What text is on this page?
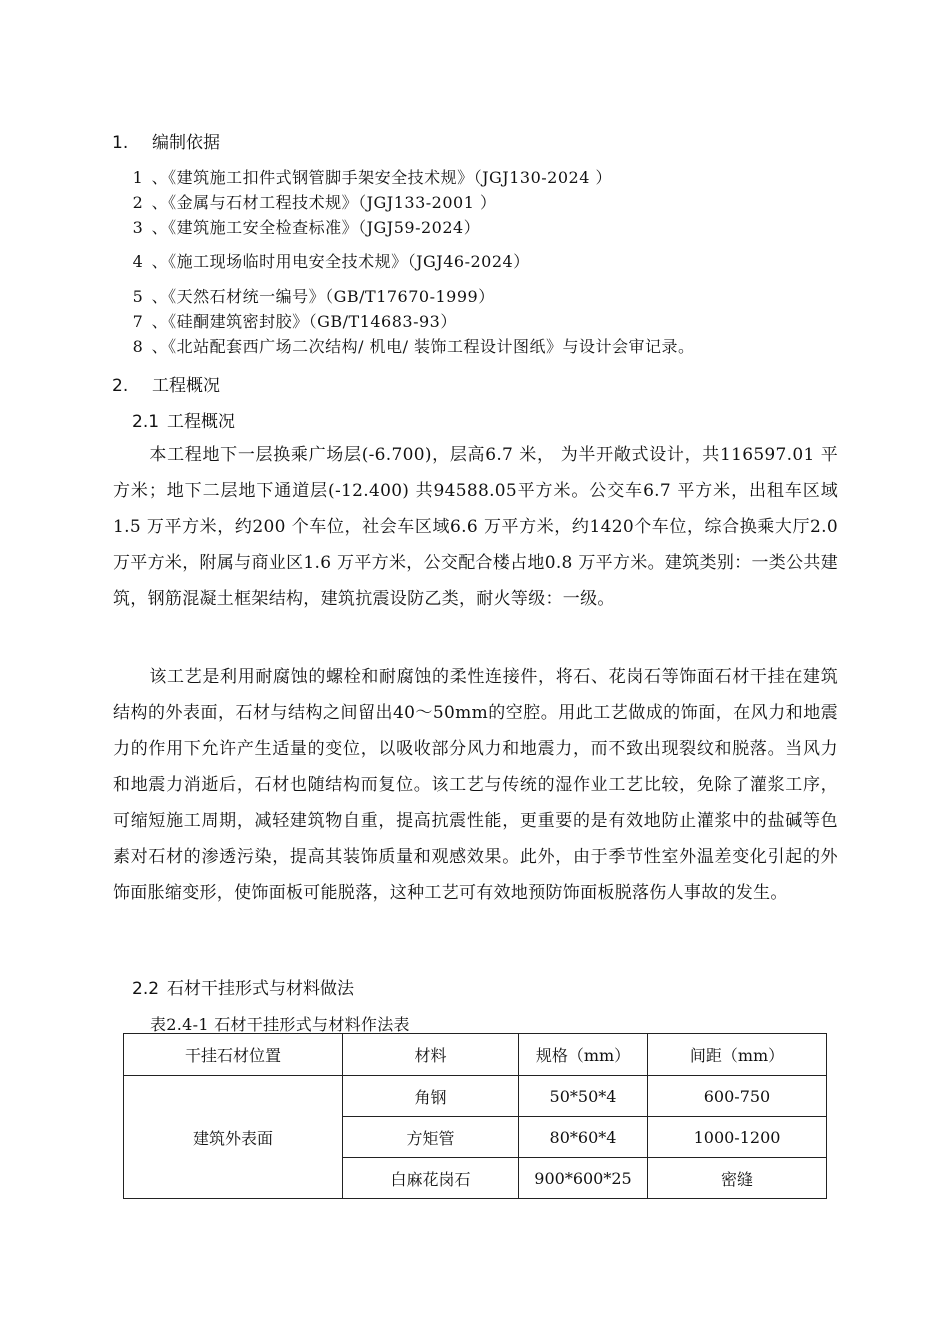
1. 编制依据
1 、《建筑施工扣件式钢管脚手架安全技术规》（JGJ130-2024 ）
2 、《金属与石材工程技术规》（JGJ133-2001 ）
3 、《建筑施工安全检查标准》（JGJ59-2024）
4 、《施工现场临时用电安全技术规》（JGJ46-2024）
5 、《天然石材统一编号》（GB/T17670-1999）
7 、《硅酮建筑密封胶》（GB/T14683-93）
8 、《北站配套西广场二次结构/ 机电/ 装饰工程设计图纸》与设计会审记录。
2. 工程概况
2.1 工程概况
本工程地下一层换乘广场层(-6.700)，层高6.7 米， 为半开敞式设计，共116597.01 平方米；地下二层地下通道层(-12.400) 共94588.05平方米。公交车6.7 平方米，出租车区域1.5 万平方米，约200 个车位，社会车区域6.6 万平方米，约1420个车位，综合换乘大厅2.0 万平方米，附属与商业区1.6 万平方米，公交配合楼占地0.8 万平方米。建筑类别：一类公共建筑，钢筋混凝土框架结构，建筑抗震设防乙类，耐火等级：一级。
该工艺是利用耐腐蚀的螺栓和耐腐蚀的柔性连接件，将石、花岗石等饰面石材干挂在建筑结构的外表面，石材与结构之间留出40～50mm的空腔。用此工艺做成的饰面，在风力和地震力的作用下允许产生适量的变位，以吸收部分风力和地震力，而不致出现裂纹和脱落。当风力和地震力消逝后，石材也随结构而复位。该工艺与传统的湿作业工艺比较，免除了灌浆工序，可缩短施工周期，减轻建筑物自重，提高抗震性能，更重要的是有效地防止灌浆中的盐碱等色素对石材的渗透污染，提高其装饰质量和观感效果。此外，由于季节性室外温差变化引起的外饰面胀缩变形，使饰面板可能脱落，这种工艺可有效地预防饰面板脱落伤人事故的发生。
2.2 石材干挂形式与材料做法
表2.4-1 石材干挂形式与材料作法表
干挂石材位置	材料	规格（mm）	间距（mm）
建筑外表面	角钢	50*50*4	600-750
	方矩管	80*60*4	1000-1200
	白麻花岗石	900*600*25	密缝
